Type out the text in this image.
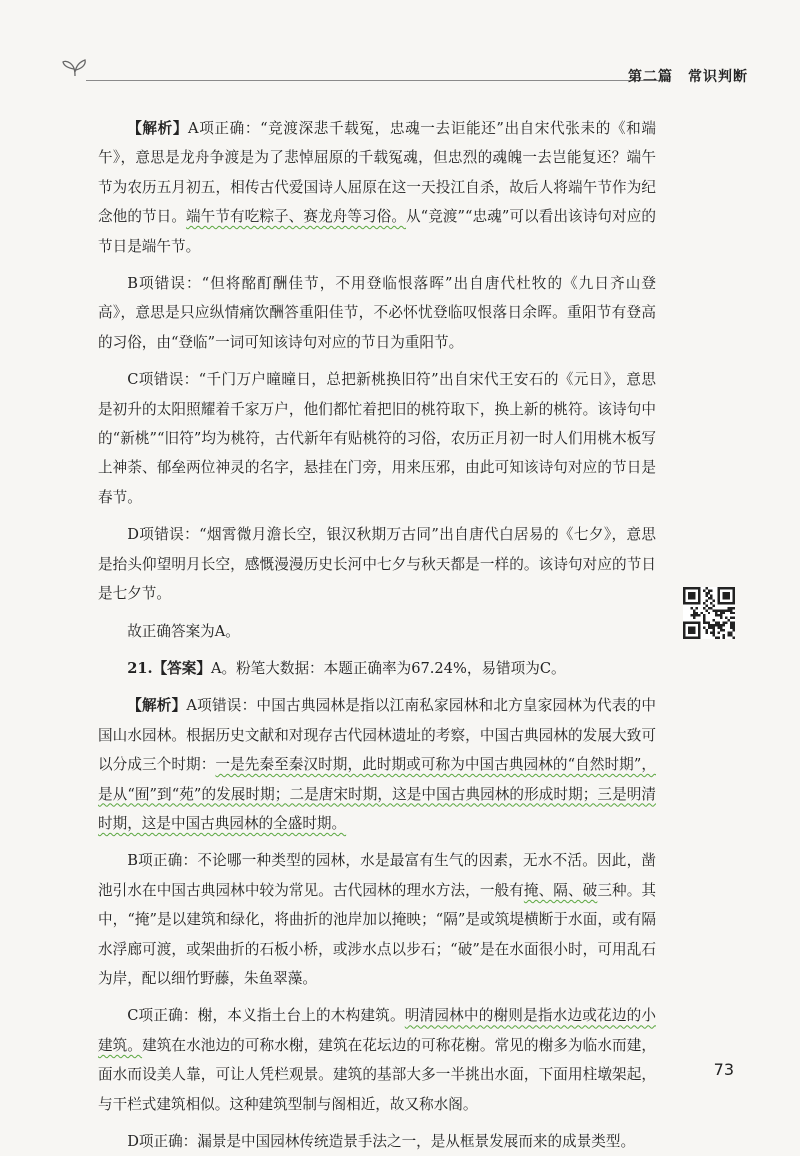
第二篇　常识判断

【解析】A项正确：“竞渡深悲千载冤，忠魂一去讵能还”出自宋代张耒的《和端午》，意思是龙舟争渡是为了悲悼屈原的千载冤魂，但忠烈的魂魄一去岂能复还？端午节为农历五月初五，相传古代爱国诗人屈原在这一天投江自杀，故后人将端午节作为纪念他的节日。端午节有吃粽子、赛龙舟等习俗。从“竞渡”“忠魂”可以看出该诗句对应的节日是端午节。

B项错误：“但将酩酊酬佳节，不用登临恨落晖”出自唐代杜牧的《九日齐山登高》，意思是只应纵情痛饮酬答重阳佳节，不必怀忧登临叹恨落日余晖。重阳节有登高的习俗，由“登临”一词可知该诗句对应的节日为重阳节。

C项错误：“千门万户曈曈日，总把新桃换旧符”出自宋代王安石的《元日》，意思是初升的太阳照耀着千家万户，他们都忙着把旧的桃符取下，换上新的桃符。该诗句中的“新桃”“旧符”均为桃符，古代新年有贴桃符的习俗，农历正月初一时人们用桃木板写上神荼、郁垒两位神灵的名字，悬挂在门旁，用来压邪，由此可知该诗句对应的节日是春节。

D项错误：“烟霄微月澹长空，银汉秋期万古同”出自唐代白居易的《七夕》，意思是抬头仰望明月长空，感慨漫漫历史长河中七夕与秋天都是一样的。该诗句对应的节日是七夕节。

故正确答案为A。

21.【答案】A。粉笔大数据：本题正确率为67.24%，易错项为C。

【解析】A项错误：中国古典园林是指以江南私家园林和北方皇家园林为代表的中国山水园林。根据历史文献和对现存古代园林遗址的考察，中国古典园林的发展大致可以分成三个时期：一是先秦至秦汉时期，此时期或可称为中国古典园林的“自然时期”，是从“囿”到“苑”的发展时期；二是唐宋时期，这是中国古典园林的形成时期；三是明清时期，这是中国古典园林的全盛时期。

B项正确：不论哪一种类型的园林，水是最富有生气的因素，无水不活。因此，凿池引水在中国古典园林中较为常见。古代园林的理水方法，一般有掩、隔、破三种。其中，“掩”是以建筑和绿化，将曲折的池岸加以掩映；“隔”是或筑堤横断于水面，或有隔水浮廊可渡，或架曲折的石板小桥，或涉水点以步石；“破”是在水面很小时，可用乱石为岸，配以细竹野藤，朱鱼翠藻。

C项正确：榭，本义指土台上的木构建筑。明清园林中的榭则是指水边或花边的小建筑。建筑在水池边的可称水榭，建筑在花坛边的可称花榭。常见的榭多为临水而建，面水而设美人靠，可让人凭栏观景。建筑的基部大多一半挑出水面，下面用柱墩架起，与干栏式建筑相似。这种建筑型制与阁相近，故又称水阁。

D项正确：漏景是中国园林传统造景手法之一，是从框景发展而来的成景类型。

73
